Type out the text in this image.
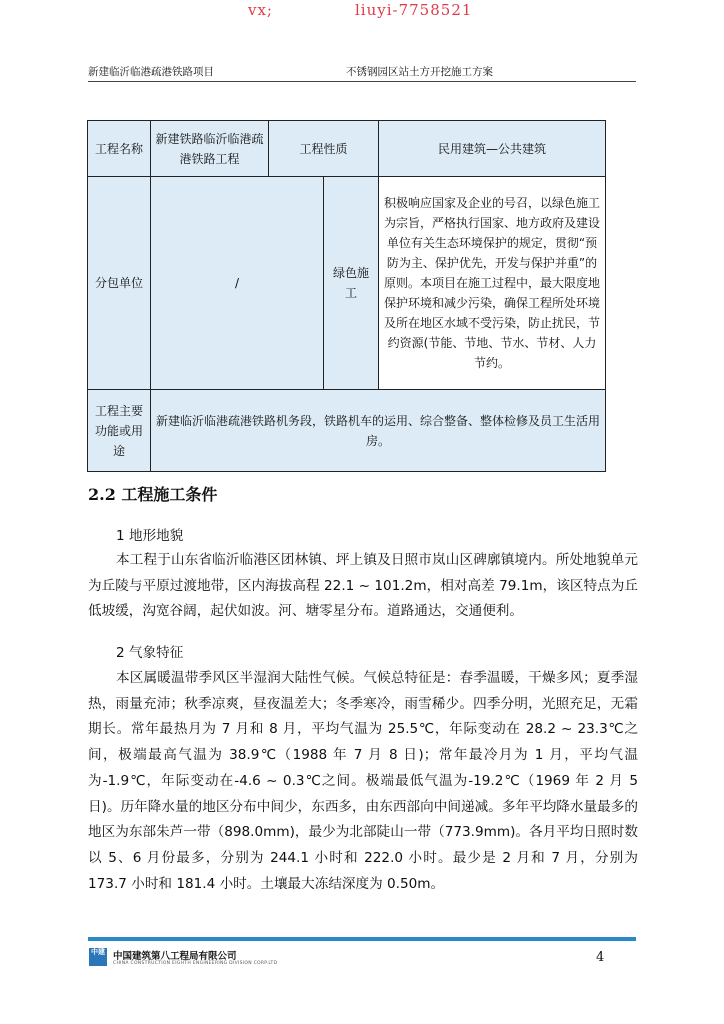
vx;	liuyi-7758521
新建临沂临港疏港铁路项目	不锈钢园区站土方开挖施工方案
工程名称	新建铁路临沂临港疏港铁路工程	工程性质		民用建筑—公共建筑
分包单位	/		绿色施工	积极响应国家及企业的号召，以绿色施工为宗旨，严格执行国家、地方政府及建设单位有关生态环境保护的规定，贯彻“预防为主、保护优先，开发与保护并重”的原则。本项目在施工过程中，最大限度地保护环境和减少污染，确保工程所处环境及所在地区水域不受污染，防止扰民，节约资源(节能、节地、节水、节材、人力节约。
工程主要功能或用途	新建临沂临港疏港铁路机务段，铁路机车的运用、综合整备、整体检修及员工生活用房。			
2.2 工程施工条件
1 地形地貌
本工程于山东省临沂临港区团林镇、坪上镇及日照市岚山区碑廓镇境内。所处地貌单元为丘陵与平原过渡地带，区内海拔高程 22.1 ~ 101.2m，相对高差 79.1m，该区特点为丘低坡缓，沟宽谷阔，起伏如波。河、塘零星分布。道路通达，交通便利。
2 气象特征
本区属暖温带季风区半湿润大陆性气候。气候总特征是：春季温暖，干燥多风；夏季湿热，雨量充沛；秋季凉爽，昼夜温差大；冬季寒冷，雨雪稀少。四季分明，光照充足，无霜期长。常年最热月为 7 月和 8 月，平均气温为 25.5℃，年际变动在 28.2 ~ 23.3℃之间，极端最高气温为 38.9℃（1988 年 7 月 8 日)；常年最冷月为 1 月，平均气温为-1.9℃，年际变动在-4.6 ~ 0.3℃之间。极端最低气温为-19.2℃（1969 年 2 月 5 日)。历年降水量的地区分布中间少，东西多，由东西部向中间递减。多年平均降水量最多的地区为东部朱芦一带（898.0mm)，最少为北部陡山一带（773.9mm)。各月平均日照时数以 5、6 月份最多，分别为 244.1 小时和 222.0 小时。最少是 2 月和 7 月，分别为 173.7 小时和 181.4 小时。土壤最大冻结深度为 0.50m。
中建 中国建筑第八工程局有限公司
CHINA CONSTRUCTION EIGHTH ENGINEERING DIVISION CORP.LTD	4
